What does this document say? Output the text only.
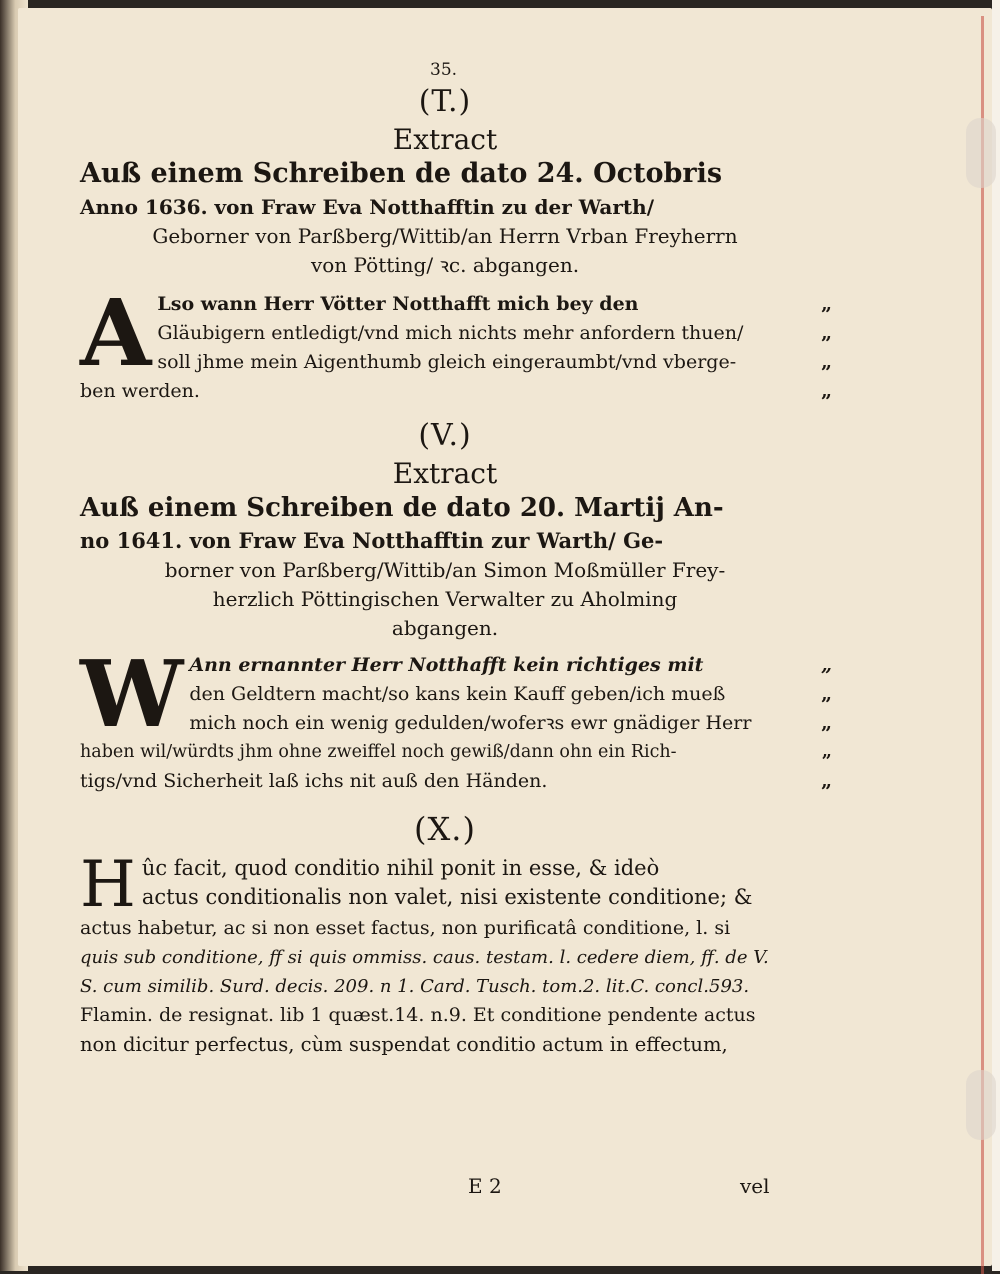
35.
(T.)
Extract
Auß einem Schreiben de dato 24. Octobris
Anno 1636. von Fraw Eva Notthafftin zu der Warth/
Geborner von Parßberg/Wittib/an Herrn Vrban Freyherrn
von Pötting/ ꝛc. abgangen.
A Lso wann Herr Vötter Notthafft mich bey den	„
Gläubigern entledigt/vnd mich nichts mehr anfordern thuen/	„
soll jhme mein Aigenthumb gleich eingeraumbt/vnd vberge-	„
ben werden.	„
(V.)
Extract
Auß einem Schreiben de dato 20. Martij An-
no 1641. von Fraw Eva Notthafftin zur Warth/ Ge-
borner von Parßberg/Wittib/an Simon Moßmüller Frey-
herzlich Pöttingischen Verwalter zu Aholming
abgangen.
W Ann ernannter Herr Notthafft kein richtiges mit	„
den Geldtern macht/so kans kein Kauff geben/ich mueß	„
mich noch ein wenig gedulden/woferꝛs ewr gnädiger Herr	„
haben wil/würdts jhm ohne zweiffel noch gewiß/dann ohn ein Rich-	„
tigs/vnd Sicherheit laß ichs nit auß den Händen.	„
(X.)
H ûc facit, quod conditio nihil ponit in esse, & ideò
actus conditionalis non valet, nisi existente conditione; &
actus habetur, ac si non esset factus, non purificatâ conditione, l. si
quis sub conditione, ff si quis ommiss. caus. testam. l. cedere diem, ff. de V.
S. cum similib. Surd. decis. 209. n 1. Card. Tusch. tom.2. lit.C. concl.593.
Flamin. de resignat. lib 1 quæst.14. n.9. Et conditione pendente actus
non dicitur perfectus, cùm suspendat conditio actum in effectum,
E 2	vel
